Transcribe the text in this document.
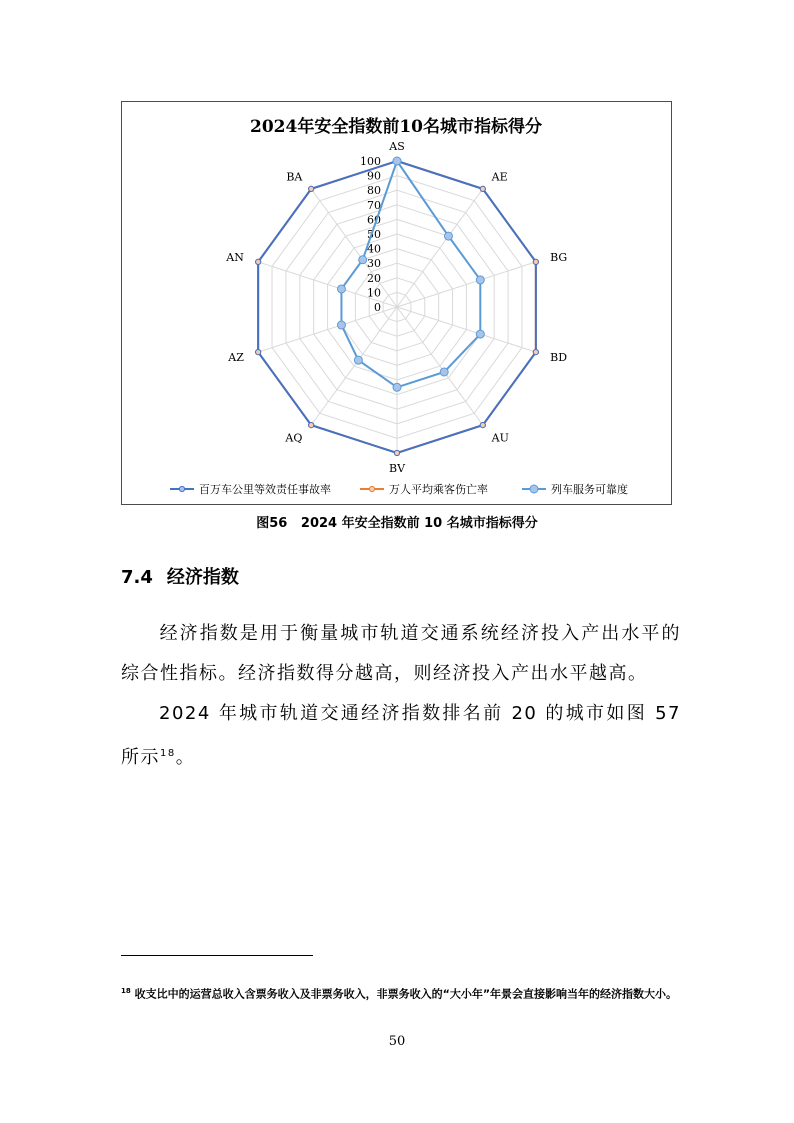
2024年安全指数前10名城市指标得分
0
10
20
30
40
50
60
70
80
90
100
AS
AE
BG
BD
AU
BV
AQ
AZ
AN
BA
百万车公里等效责任事故率	万人平均乘客伤亡率	列车服务可靠度
图56 2024 年安全指数前 10 名城市指标得分
7.4 经济指数
经济指数是用于衡量城市轨道交通系统经济投入产出水平的综合性指标。经济指数得分越高，则经济投入产出水平越高。
2024 年城市轨道交通经济指数排名前 20 的城市如图 57 所示$^{18}$。
$^{18}$ 收支比中的运营总收入含票务收入及非票务收入，非票务收入的“大小年”年景会直接影响当年的经济指数大小。
50
